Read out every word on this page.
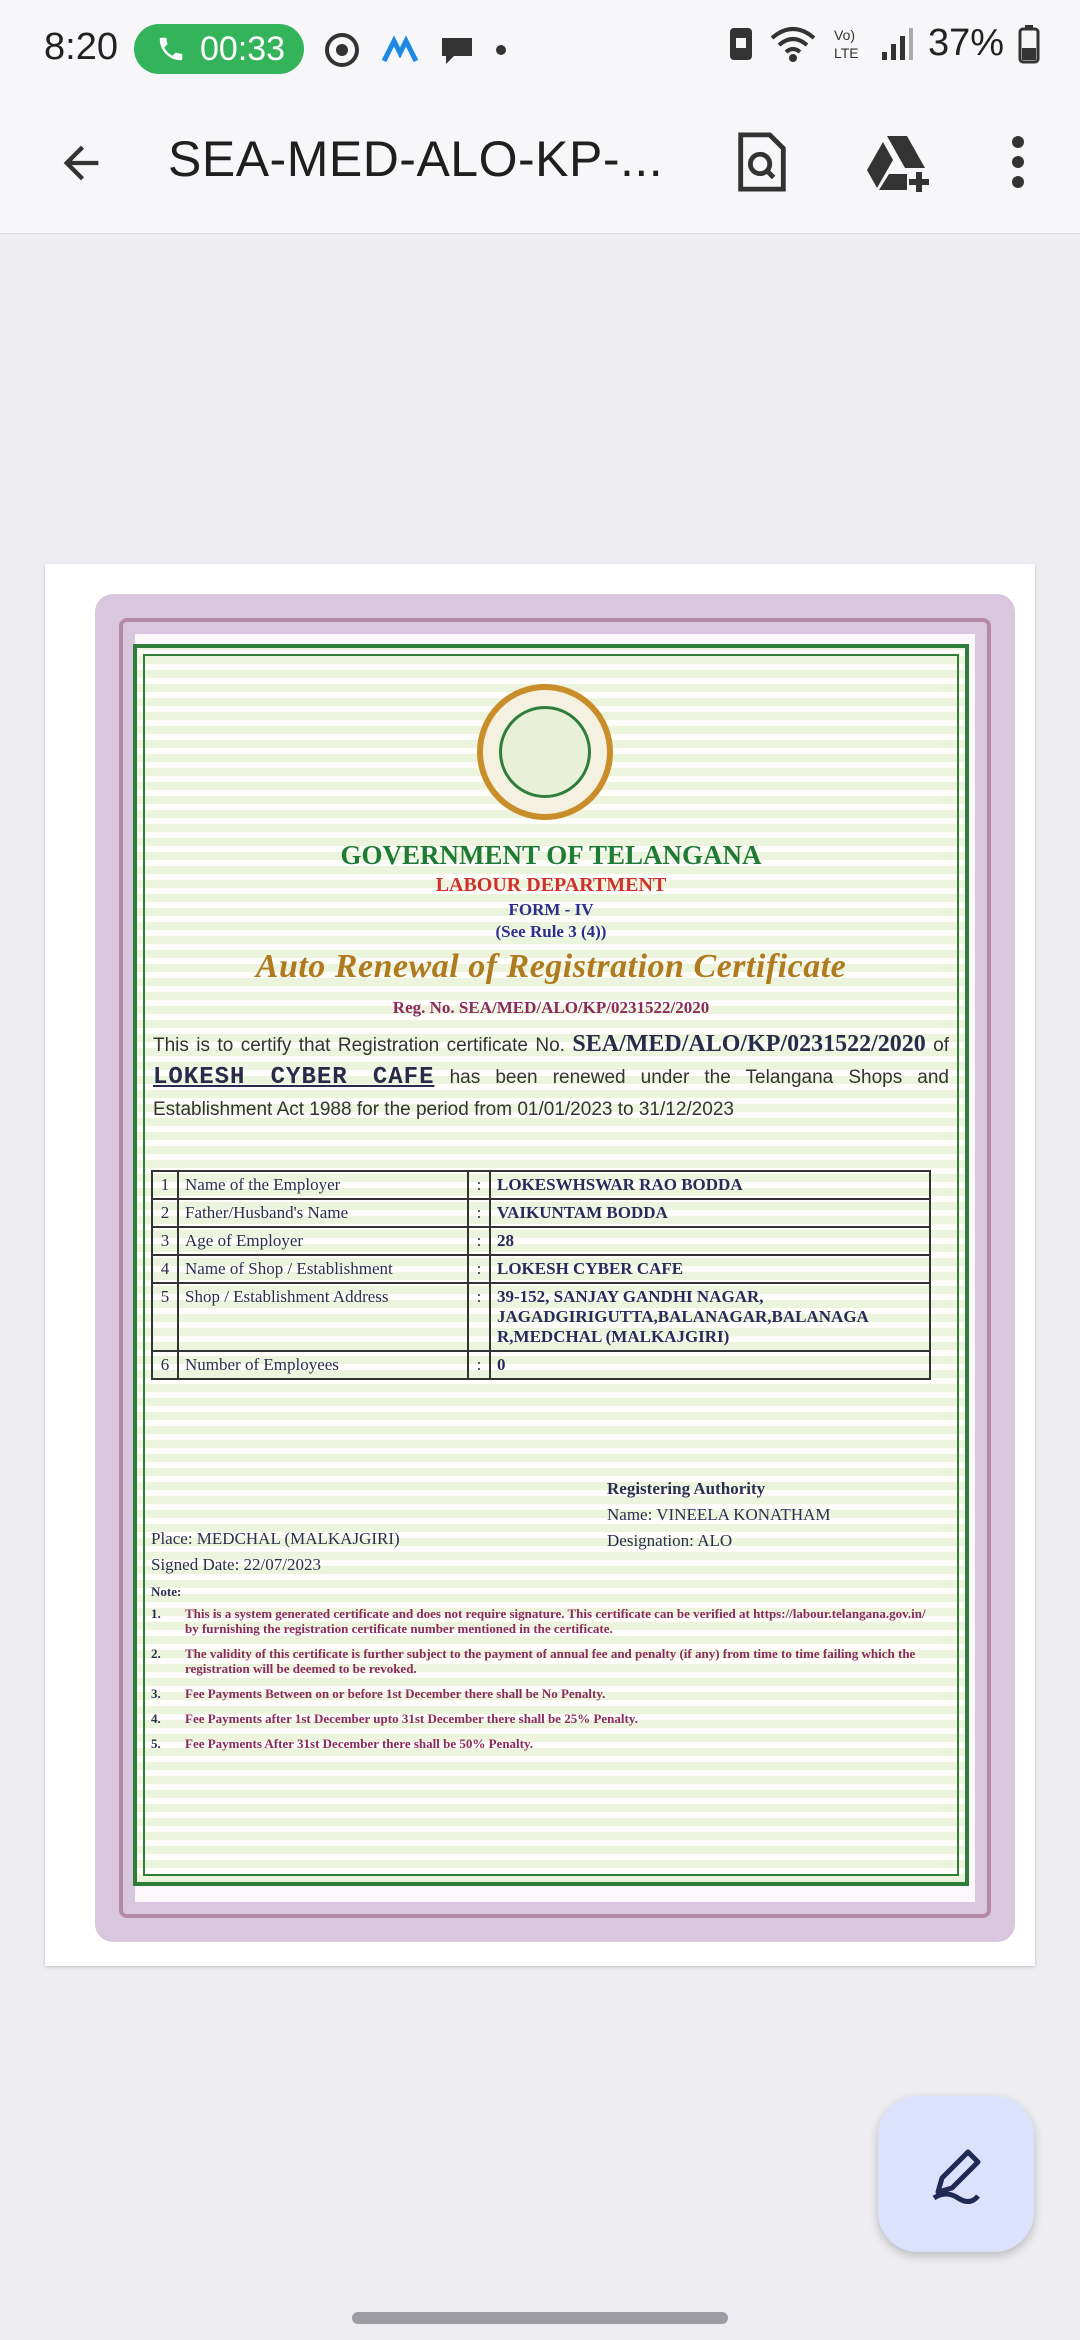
8:20 00:33	Vo)
LTE 37%
SEA-MED-ALO-KP-...
GOVERNMENT OF TELANGANA
LABOUR DEPARTMENT
FORM - IV
(See Rule 3 (4))
Auto Renewal of Registration Certificate
Reg. No. SEA/MED/ALO/KP/0231522/2020
This is to certify that Registration certificate No. SEA/MED/ALO/KP/0231522/2020 of LOKESH CYBER CAFE has been renewed under the Telangana Shops and Establishment Act 1988 for the period from 01/01/2023 to 31/12/2023
1	Name of the Employer	:	LOKESWHSWAR RAO BODDA
2	Father/Husband's Name	:	VAIKUNTAM BODDA
3	Age of Employer	:	28
4	Name of Shop / Establishment	:	LOKESH CYBER CAFE
5	Shop / Establishment Address	:	39-152, SANJAY GANDHI NAGAR, JAGADGIRIGUTTA,BALANAGAR,BALANAGA R,MEDCHAL (MALKAJGIRI)
6	Number of Employees	:	0
Registering Authority
Name: VINEELA KONATHAM
Designation: ALO
Place: MEDCHAL (MALKAJGIRI)
Signed Date: 22/07/2023
Note:
1.	This is a system generated certificate and does not require signature. This certificate can be verified at https://labour.telangana.gov.in/ by furnishing the registration certificate number mentioned in the certificate.
2.	The validity of this certificate is further subject to the payment of annual fee and penalty (if any) from time to time failing which the registration will be deemed to be revoked.
3.	Fee Payments Between on or before 1st December there shall be No Penalty.
4.	Fee Payments after 1st December upto 31st December there shall be 25% Penalty.
5.	Fee Payments After 31st December there shall be 50% Penalty.
